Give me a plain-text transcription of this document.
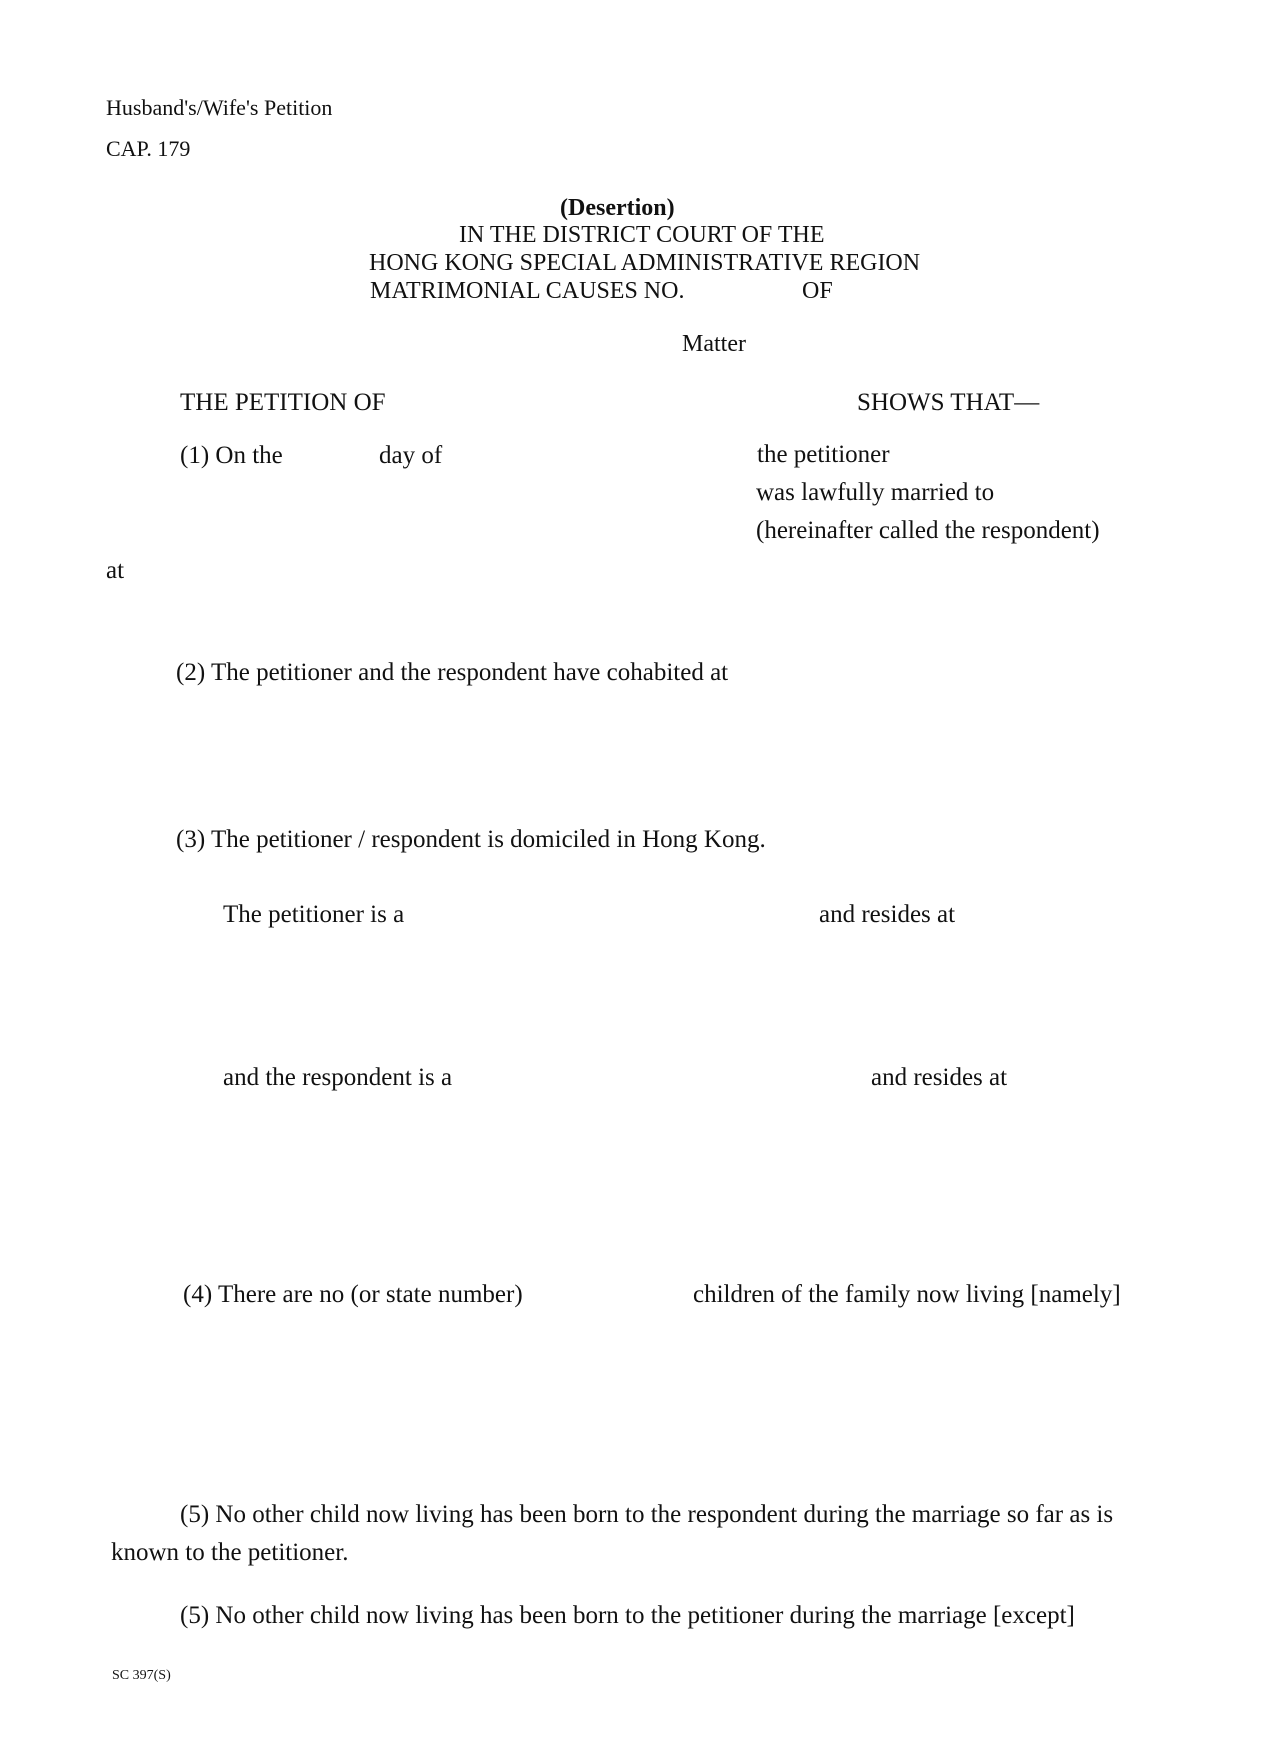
Husband's/Wife's Petition
CAP. 179
(Desertion)
IN THE DISTRICT COURT OF THE
HONG KONG SPECIAL ADMINISTRATIVE REGION
MATRIMONIAL CAUSES NO.	OF
Matter
THE PETITION OF	SHOWS THAT—
(1) On the	day of	the petitioner
was lawfully married to
(hereinafter called the respondent)
at
(2) The petitioner and the respondent have cohabited at
(3) The petitioner / respondent is domiciled in Hong Kong.
The petitioner is a	and resides at
and the respondent is a	and resides at
(4) There are no (or state number)	children of the family now living [namely]
(5) No other child now living has been born to the respondent during the marriage so far as is
known to the petitioner.
(5) No other child now living has been born to the petitioner during the marriage [except]
SC 397(S)
